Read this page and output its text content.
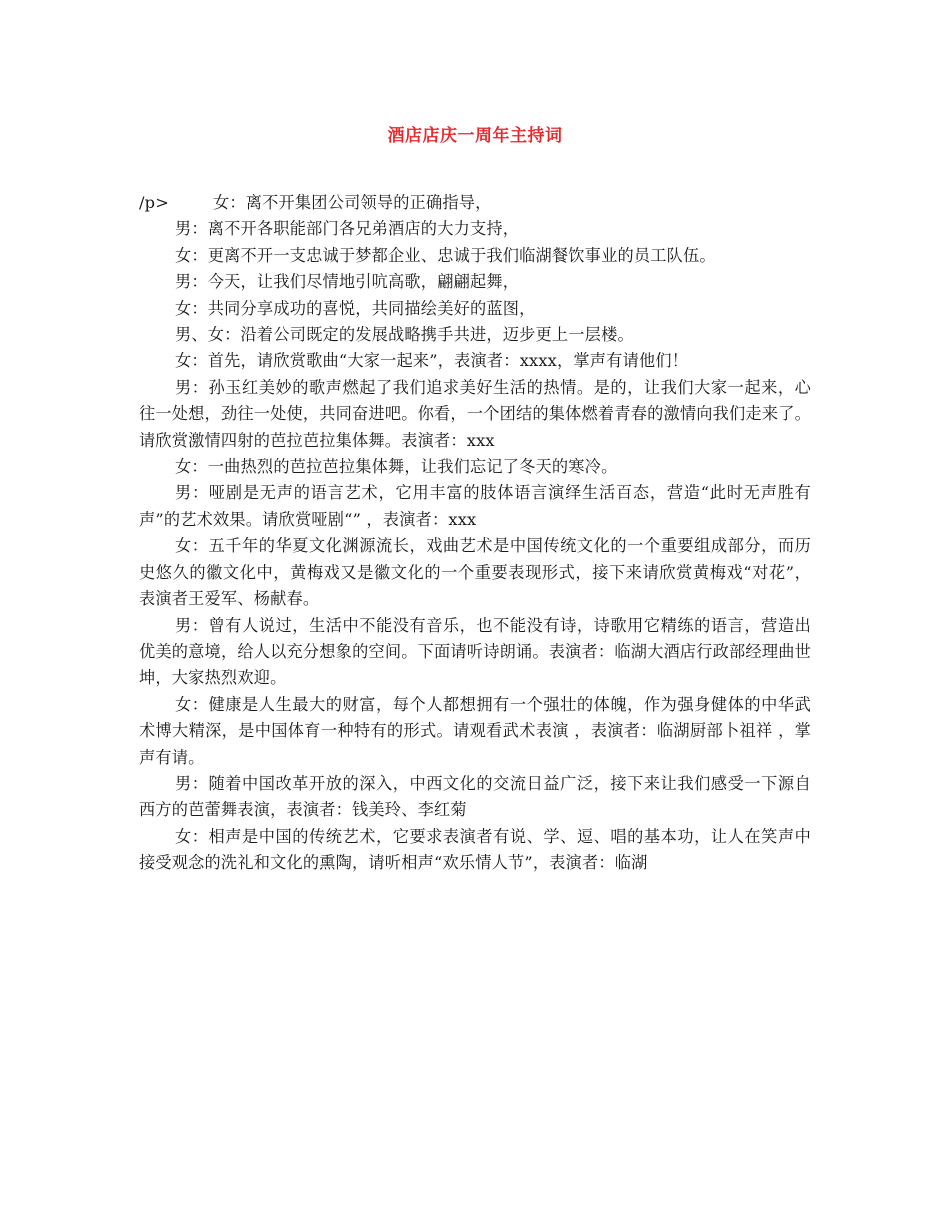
酒店店庆一周年主持词

/p>	女：离不开集团公司领导的正确指导，

男：离不开各职能部门各兄弟酒店的大力支持，

女：更离不开一支忠诚于梦都企业、忠诚于我们临湖餐饮事业的员工队伍。

男：今天，让我们尽情地引吭高歌，翩翩起舞，

女：共同分享成功的喜悦，共同描绘美好的蓝图，

男、女：沿着公司既定的发展战略携手共进，迈步更上一层楼。

女：首先，请欣赏歌曲“大家一起来”，表演者：xxxx，掌声有请他们！

男：孙玉红美妙的歌声燃起了我们追求美好生活的热情。是的，让我们大家一起来，心往一处想，劲往一处使，共同奋进吧。你看，一个团结的集体燃着青春的激情向我们走来了。请欣赏激情四射的芭拉芭拉集体舞。表演者：xxx

女：一曲热烈的芭拉芭拉集体舞，让我们忘记了冬天的寒冷。

男：哑剧是无声的语言艺术，它用丰富的肢体语言演绎生活百态，营造“此时无声胜有声”的艺术效果。请欣赏哑剧“” ，表演者：xxx

女：五千年的华夏文化渊源流长，戏曲艺术是中国传统文化的一个重要组成部分，而历史悠久的徽文化中，黄梅戏又是徽文化的一个重要表现形式，接下来请欣赏黄梅戏“对花”，表演者王爱军、杨献春。

男：曾有人说过，生活中不能没有音乐，也不能没有诗，诗歌用它精练的语言，营造出优美的意境，给人以充分想象的空间。下面请听诗朗诵。表演者：临湖大酒店行政部经理曲世坤，大家热烈欢迎。

女：健康是人生最大的财富，每个人都想拥有一个强壮的体魄，作为强身健体的中华武术博大精深，是中国体育一种特有的形式。请观看武术表演 ，表演者：临湖厨部卜祖祥 ，掌声有请。

男：随着中国改革开放的深入，中西文化的交流日益广泛，接下来让我们感受一下源自西方的芭蕾舞表演，表演者：钱美玲、李红菊

女：相声是中国的传统艺术，它要求表演者有说、学、逗、唱的基本功，让人在笑声中接受观念的洗礼和文化的熏陶，请听相声“欢乐情人节”，表演者：临湖
